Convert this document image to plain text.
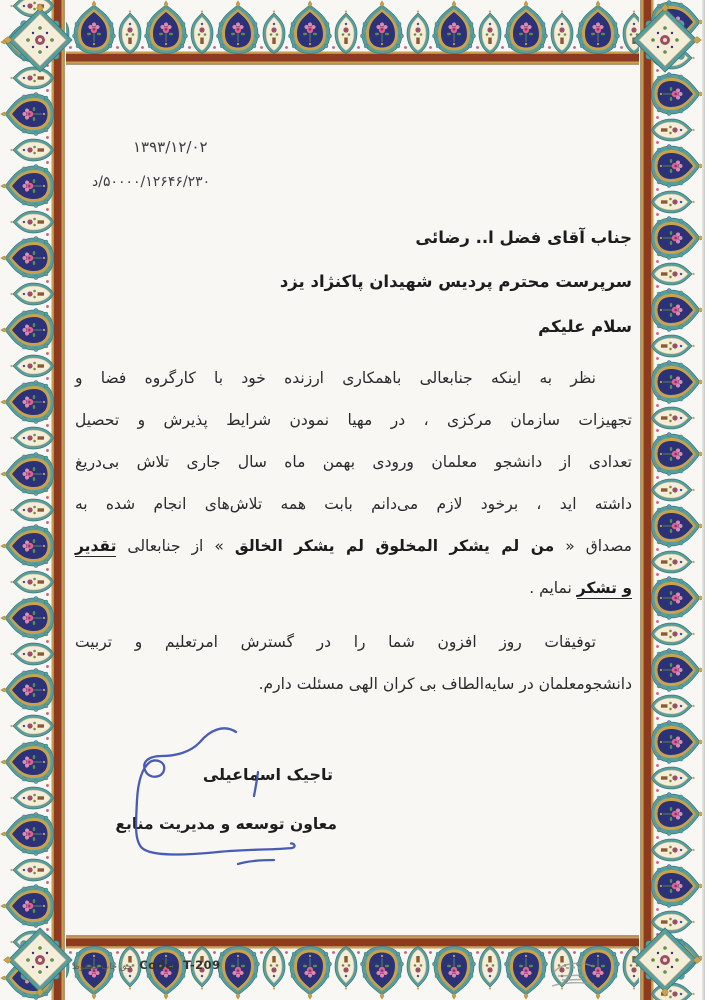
۱۳۹۳/۱۲/۰۲
د/ ۵۰۰۰۰/۱۲۶۴۶/۲۳۰
جناب آقای فضل ا.. رضائی
سرپرست محترم پردیس شهیدان پاکنژاد یزد
سلام علیکم
نظر به اینکه جنابعالی باهمکاری ارزنده خود با کارگروه فضا و
تجهیزات سازمان مرکزی ، در مهیا نمودن شرایط پذیرش و تحصیل
تعدادی از دانشجو معلمان ورودی بهمن ماه سال جاری تلاش بی‌دریغ
داشته اید ، برخود لازم می‌دانم بابت همه تلاش‌های انجام شده به
مصداق « من لم یشکر المخلوق لم یشکر الخالق » از جنابعالی تقدیر
و تشکر نمایم .
توفیقات روز افزون شما را در گسترش امرتعلیم و تربیت
دانشجومعلمان در سایه‌الطاف بی کران الهی مسئلت دارم.
تاجیک اسماعیلی
معاون توسعه و مدیریت منابع
حق چاپ محفوظ Code: T-209
